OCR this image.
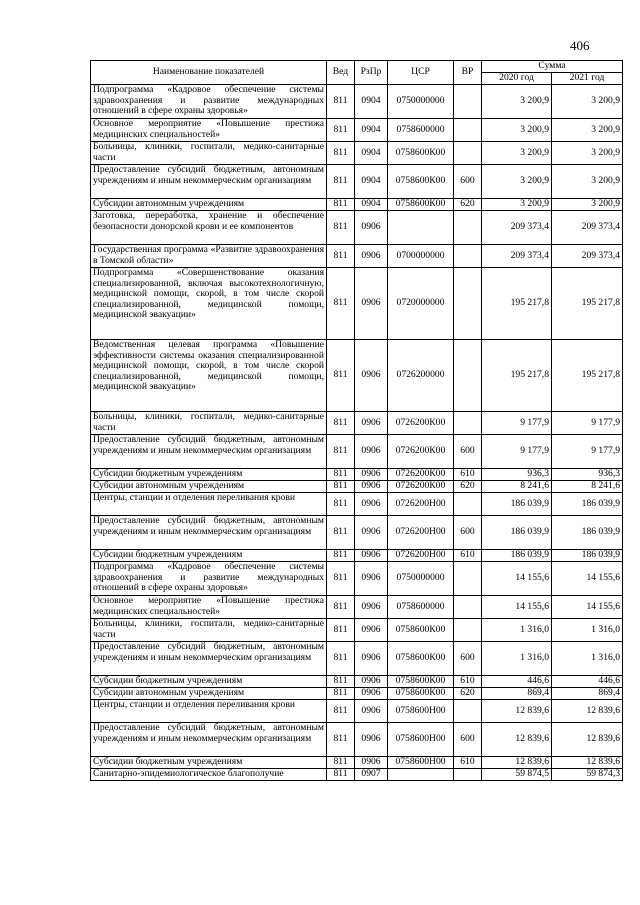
406
Наименование показателей	Вед	РзПр	ЦСР	ВР	Сумма	
					2020 год	2021 год
Подпрограмма «Кадровое обеспечение системы здравоохранения и развитие международных отношений в сфере охраны здоровья»	811	0904	0750000000		3 200,9	3 200,9
Основное мероприятие «Повышение престижа медицинских специальностей»	811	0904	0758600000		3 200,9	3 200,9
Больницы, клиники, госпитали, медико-санитарные части	811	0904	0758600К00		3 200,9	3 200,9
Предоставление субсидий бюджетным, автономным учреждениям и иным некоммерческим организациям	811	0904	0758600К00	600	3 200,9	3 200,9
Субсидии автономным учреждениям	811	0904	0758600К00	620	3 200,9	3 200,9
Заготовка, переработка, хранение и обеспечение безопасности донорской крови и ее компонентов	811	0906			209 373,4	209 373,4
Государственная программа «Развитие здравоохранения в Томской области»	811	0906	0700000000		209 373,4	209 373,4
Подпрограмма «Совершенствование оказания специализированной, включая высокотехнологичную, медицинской помощи, скорой, в том числе скорой специализированной, медицинской помощи, медицинской эвакуации»	811	0906	0720000000		195 217,8	195 217,8
Ведомственная целевая программа «Повышение эффективности системы оказания специализированной медицинской помощи, скорой, в том числе скорой специализированной, медицинской помощи, медицинской эвакуации»	811	0906	0726200000		195 217,8	195 217,8
Больницы, клиники, госпитали, медико-санитарные части	811	0906	0726200К00		9 177,9	9 177,9
Предоставление субсидий бюджетным, автономным учреждениям и иным некоммерческим организациям	811	0906	0726200К00	600	9 177,9	9 177,9
Субсидии бюджетным учреждениям	811	0906	0726200К00	610	936,3	936,3
Субсидии автономным учреждениям	811	0906	0726200К00	620	8 241,6	8 241,6
Центры, станции и отделения переливания крови	811	0906	0726200Н00		186 039,9	186 039,9
Предоставление субсидий бюджетным, автономным учреждениям и иным некоммерческим организациям	811	0906	0726200Н00	600	186 039,9	186 039,9
Субсидии бюджетным учреждениям	811	0906	0726200Н00	610	186 039,9	186 039,9
Подпрограмма «Кадровое обеспечение системы здравоохранения и развитие международных отношений в сфере охраны здоровья»	811	0906	0750000000		14 155,6	14 155,6
Основное мероприятие «Повышение престижа медицинских специальностей»	811	0906	0758600000		14 155,6	14 155,6
Больницы, клиники, госпитали, медико-санитарные части	811	0906	0758600К00		1 316,0	1 316,0
Предоставление субсидий бюджетным, автономным учреждениям и иным некоммерческим организациям	811	0906	0758600К00	600	1 316,0	1 316,0
Субсидии бюджетным учреждениям	811	0906	0758600К00	610	446,6	446,6
Субсидии автономным учреждениям	811	0906	0758600К00	620	869,4	869,4
Центры, станции и отделения переливания крови	811	0906	0758600Н00		12 839,6	12 839,6
Предоставление субсидий бюджетным, автономным учреждениям и иным некоммерческим организациям	811	0906	0758600Н00	600	12 839,6	12 839,6
Субсидии бюджетным учреждениям	811	0906	0758600Н00	610	12 839,6	12 839,6
Санитарно-эпидемиологическое благополучие	811	0907			59 874,5	59 874,3
